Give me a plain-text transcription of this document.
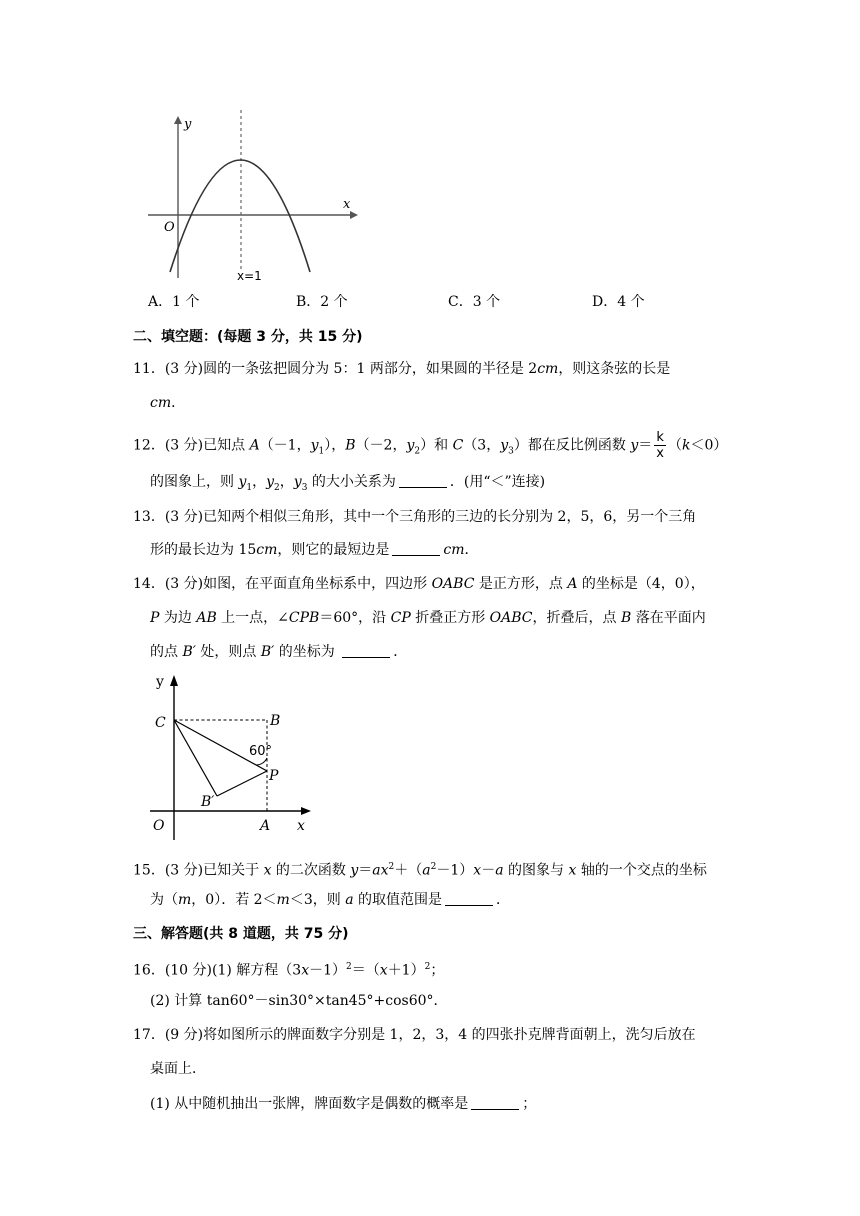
y
x
O
x=1
A．1 个	B．2 个	C．3 个	D．4 个
二、填空题：(每题 3 分，共 15 分)
11．(3 分)圆的一条弦把圆分为 5：1 两部分，如果圆的半径是 2cm，则这条弦的长是
cm．
12．(3 分)已知点 A（－1，$y_1$），B（－2，$y_2$）和 C（3，$y_3$）都在反比例函数 $y= \frac{k}{x} (k<0)$
的图象上，则 $y_1$，$y_2$，$y_3$ 的大小关系为	．(用“＜”连接)
13．(3 分)已知两个相似三角形，其中一个三角形的三边的长分别为 2，5，6，另一个三角
形的最长边为 15cm，则它的最短边是	cm．
14．(3 分)如图，在平面直角坐标系中，四边形 OABC 是正方形，点 A 的坐标是（4，0），
P 为边 AB 上一点，∠CPB＝60°，沿 CP 折叠正方形 OABC，折叠后，点 B 落在平面内
的点 B′ 处，则点 B′ 的坐标为	．
y
x
O	A
B
C
P
B′
60°
15．(3 分)已知关于 x 的二次函数 $y=ax^2+(a^2-1)x-a$ 的图象与 x 轴的一个交点的坐标
为（m，0）．若 2＜m＜3，则 a 的取值范围是	．
三、解答题(共 8 道题，共 75 分)
16．(10 分)(1) 解方程$(3x-1)^2=(x+1)^2$；
(2) 计算 tan60°－sin30°×tan45°+cos60°．
17．(9 分)将如图所示的牌面数字分别是 1，2，3，4 的四张扑克牌背面朝上，洗匀后放在
桌面上．
(1) 从中随机抽出一张牌，牌面数字是偶数的概率是	；
